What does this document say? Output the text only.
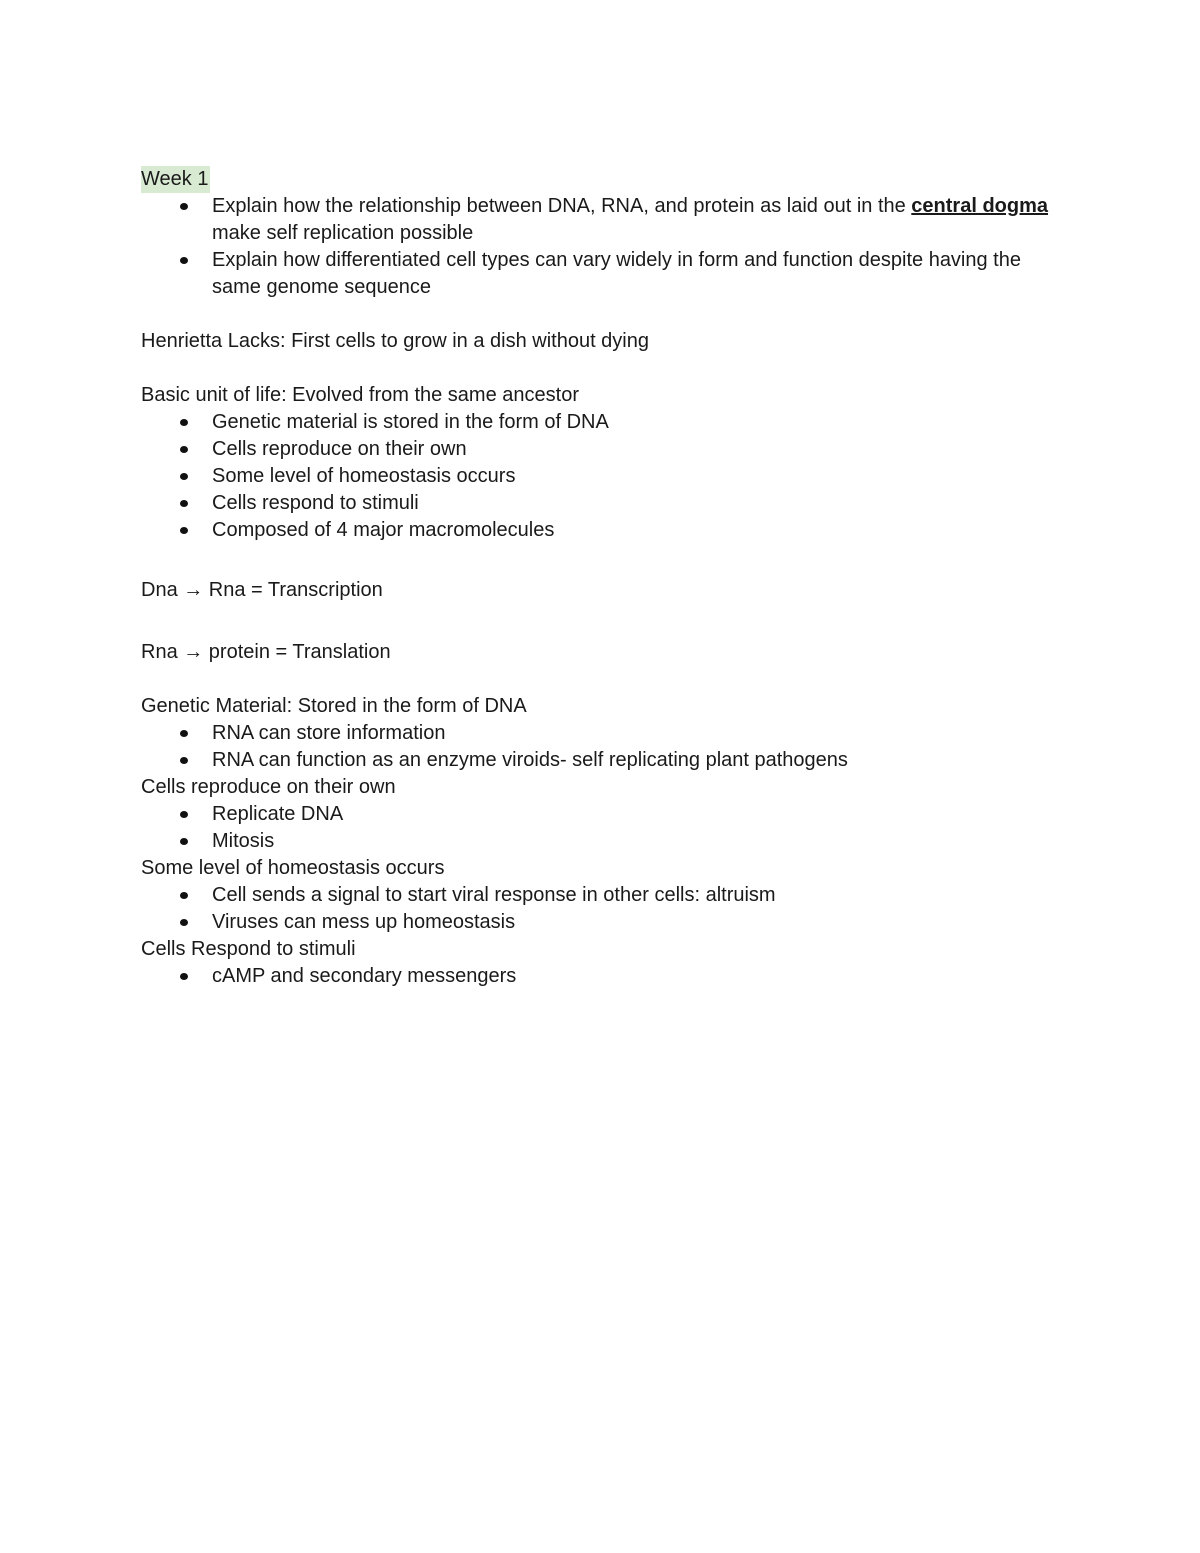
Week 1
Explain how the relationship between DNA, RNA, and protein as laid out in the central dogma make self replication possible
Explain how differentiated cell types can vary widely in form and function despite having the same genome sequence
Henrietta Lacks: First cells to grow in a dish without dying
Basic unit of life: Evolved from the same ancestor
Genetic material is stored in the form of DNA
Cells reproduce on their own
Some level of homeostasis occurs
Cells respond to stimuli
Composed of 4 major macromolecules
Dna → Rna = Transcription
Rna → protein = Translation
Genetic Material: Stored in the form of DNA
RNA can store information
RNA can function as an enzyme viroids- self replicating plant pathogens
Cells reproduce on their own
Replicate DNA
Mitosis
Some level of homeostasis occurs
Cell sends a signal to start viral response in other cells: altruism
Viruses can mess up homeostasis
Cells Respond to stimuli
cAMP and secondary messengers
